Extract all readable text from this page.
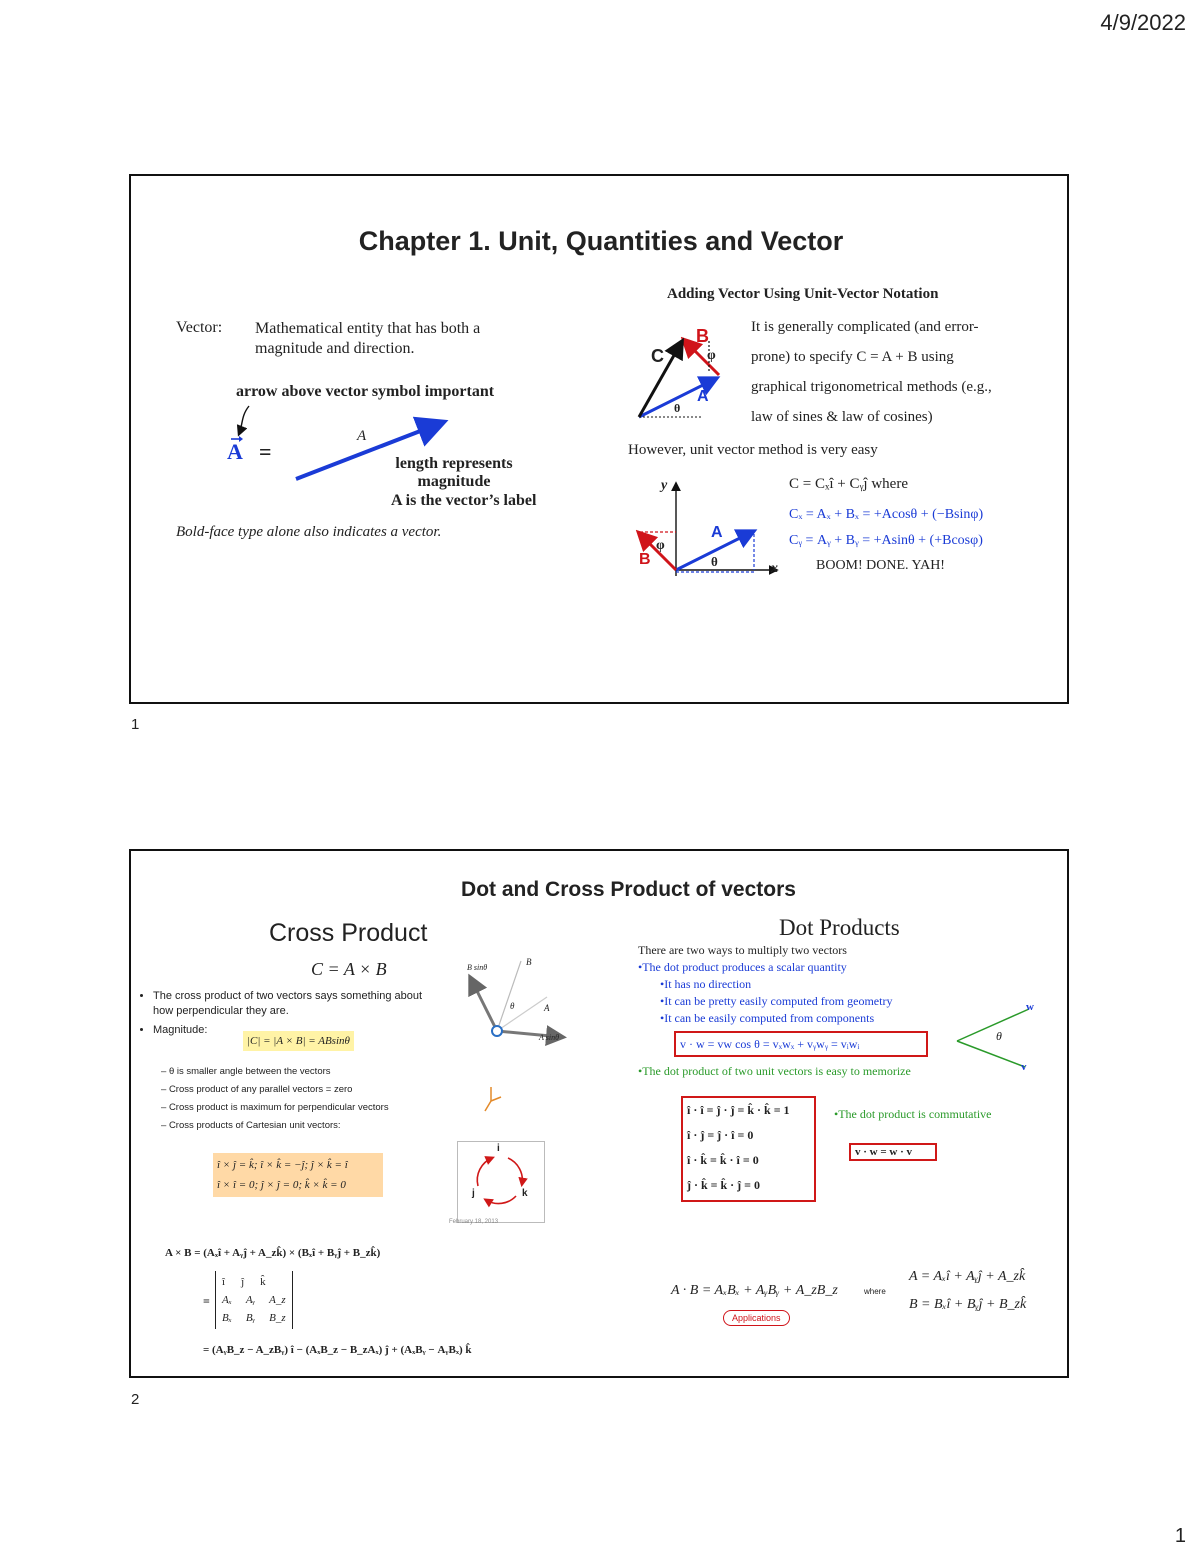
4/9/2022
1
1
2
Chapter 1. Unit, Quantities and Vector
Vector: Mathematical entity that has both a magnitude and direction.
arrow above vector symbol important
A =
A
length represents
magnitude
A is the vector’s label
Bold-face type alone also indicates a vector.
Adding Vector Using Unit-Vector Notation
B
C
A
φ
θ
It is generally complicated (and error-
prone) to specify C = A + B using
graphical trigonometrical methods (e.g.,
law of sines & law of cosines)
However, unit vector method is very easy
y
x
A
B
φ
θ
C = Cₓî + Cᵧĵ where
Cₓ = Aₓ + Bₓ = +Acosθ + (−Bsinφ)
Cᵧ = Aᵧ + Bᵧ = +Asinθ + (+Bcosφ)
BOOM! DONE. YAH!
Dot and Cross Product of vectors
Cross Product
C = A × B
• The cross product of two vectors says something about how perpendicular they are.
• Magnitude:
|C| = |A × B| = ABsinθ
– θ is smaller angle between the vectors
– Cross product of any parallel vectors = zero
– Cross product is maximum for perpendicular vectors
– Cross products of Cartesian unit vectors:
î × ĵ = k̂; î × k̂ = −ĵ; ĵ × k̂ = î
î × î = 0; ĵ × ĵ = 0; k̂ × k̂ = 0
B sinθ
B
A
A sinθ
θ
i
j	k
February 18, 2013
A × B = (Aₓî + Aᵧĵ + A_zk̂) × (Bₓî + Bᵧĵ + B_zk̂)
=
î ĵ k̂
Aₓ Aᵧ A_z
Bₓ Bᵧ B_z
= (AᵧB_z − A_zBᵧ) î − (AₓB_z − B_zAₓ) ĵ + (AₓBᵧ − AᵧBₓ) k̂
Dot Products
There are two ways to multiply two vectors
•The dot product produces a scalar quantity
•It has no direction
•It can be pretty easily computed from geometry
•It can be easily computed from components
v · w = vw cos θ = vₓwₓ + vᵧwᵧ = vᵢwᵢ
w
v
θ
•The dot product of two unit vectors is easy to memorize
î · î = ĵ · ĵ = k̂ · k̂ = 1
î · ĵ = ĵ · î = 0
î · k̂ = k̂ · î = 0
ĵ · k̂ = k̂ · ĵ = 0
•The dot product is commutative
v · w = w · v
A · B = AₓBₓ + AᵧBᵧ + A_zB_z	where
A = Aₓî + Aᵧĵ + A_zk̂
B = Bₓî + Bᵧĵ + B_zk̂
Applications
